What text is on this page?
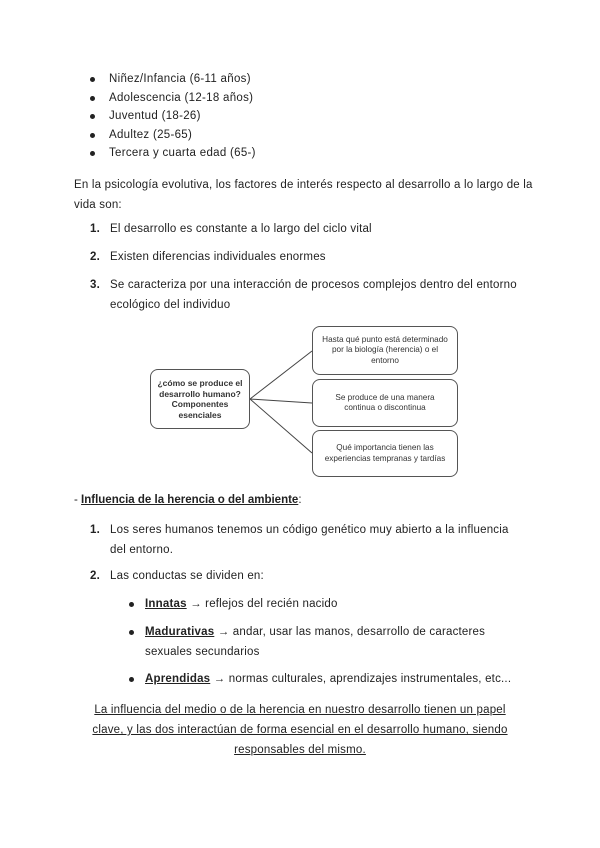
Niñez/Infancia (6-11 años)
Adolescencia (12-18 años)
Juventud (18-26)
Adultez (25-65)
Tercera y cuarta edad (65-)

En la psicología evolutiva, los factores de interés respecto al desarrollo a lo largo de la vida son:

1. El desarrollo es constante a lo largo del ciclo vital
2. Existen diferencias individuales enormes
3. Se caracteriza por una interacción de procesos complejos dentro del entorno ecológico del individuo
¿cómo se produce el desarrollo humano? Componentes esenciales
Hasta qué punto está determinado por la biología (herencia) o el entorno
Se produce de una manera continua o discontinua
Qué importancia tienen las experiencias tempranas y tardías
- Influencia de la herencia o del ambiente:
1. Los seres humanos tenemos un código genético muy abierto a la influencia del entorno.
2. Las conductas se dividen en:
Innatas → reflejos del recién nacido
Madurativas → andar, usar las manos, desarrollo de caracteres sexuales secundarios
Aprendidas → normas culturales, aprendizajes instrumentales, etc...
La influencia del medio o de la herencia en nuestro desarrollo tienen un papel clave, y las dos interactúan de forma esencial en el desarrollo humano, siendo responsables del mismo.
